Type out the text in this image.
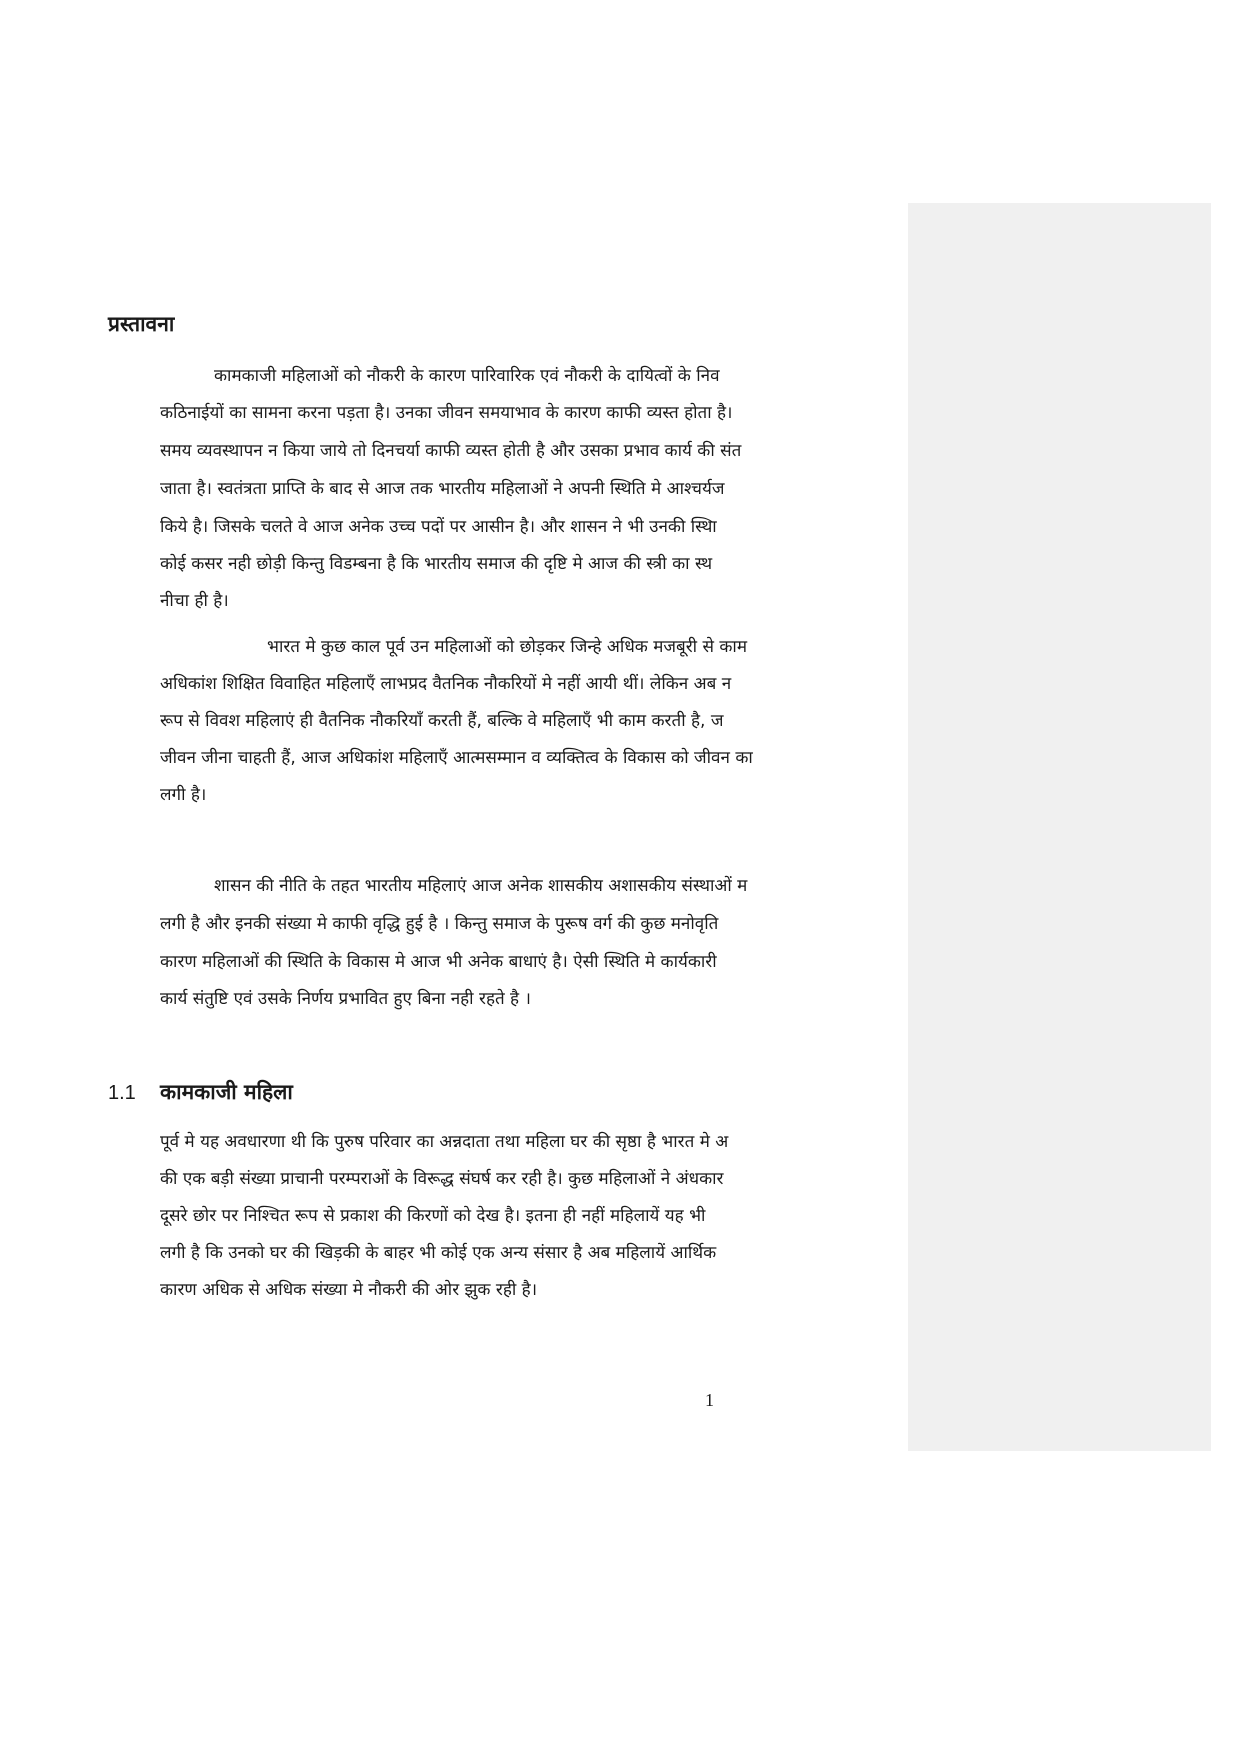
प्रस्तावना
कामकाजी महिलाओं को नौकरी के कारण पारिवारिक एवं नौकरी के दायित्वों के निव
कठिनाईयों का सामना करना पड़ता है। उनका जीवन समयाभाव के कारण काफी व्यस्त होता है।
समय व्यवस्थापन न किया जाये तो दिनचर्या काफी व्यस्त होती है और उसका प्रभाव कार्य की संत
जाता है। स्वतंत्रता प्राप्ति के बाद से आज तक भारतीय महिलाओं ने अपनी स्थिति मे आश्चर्यज
किये है। जिसके चलते वे आज अनेक उच्च पदों पर आसीन है। और शासन ने भी उनकी स्थिा
कोई कसर नही छोड़ी किन्तु विडम्बना है कि भारतीय समाज की दृष्टि मे आज की स्त्री का स्थ
नीचा ही है।
भारत मे कुछ काल पूर्व उन महिलाओं को छोड़कर जिन्हे अधिक मजबूरी से काम
अधिकांश शिक्षित विवाहित महिलाएँ लाभप्रद वैतनिक नौकरियों मे नहीं आयी थीं। लेकिन अब न
रूप से विवश महिलाएं ही वैतनिक नौकरियाँ करती हैं, बल्कि वे महिलाएँ भी काम करती है, ज
जीवन जीना चाहती हैं, आज अधिकांश महिलाएँ आत्मसम्मान व व्यक्तित्व के विकास को जीवन का
लगी है।
शासन की नीति के तहत भारतीय महिलाएं आज अनेक शासकीय अशासकीय संस्थाओं म
लगी है और इनकी संख्या मे काफी वृद्धि हुई है । किन्तु समाज के पुरूष वर्ग की कुछ मनोवृति
कारण महिलाओं की स्थिति के विकास मे आज भी अनेक बाधाएं है। ऐसी स्थिति मे कार्यकारी
कार्य संतुष्टि एवं उसके निर्णय प्रभावित हुए बिना नही रहते है ।
1.1 कामकाजी महिला
पूर्व मे यह अवधारणा थी कि पुरुष परिवार का अन्नदाता तथा महिला घर की सृष्ठा है भारत मे अ
की एक बड़ी संख्या प्राचानी परम्पराओं के विरूद्ध संघर्ष कर रही है। कुछ महिलाओं ने अंधकार
दूसरे छोर पर निश्चित रूप से प्रकाश की किरणों को देख है। इतना ही नहीं महिलायें यह भी
लगी है कि उनको घर की खिड़की के बाहर भी कोई एक अन्य संसार है अब महिलायें आर्थिक
कारण अधिक से अधिक संख्या मे नौकरी की ओर झुक रही है।
1
